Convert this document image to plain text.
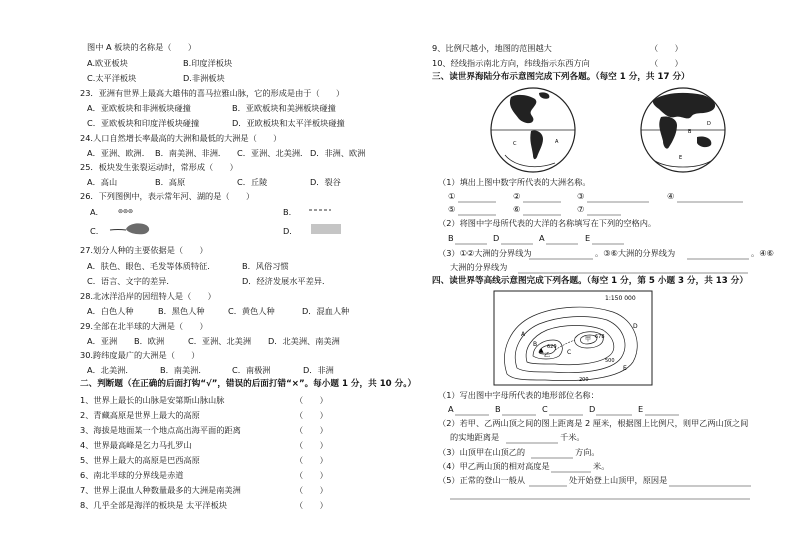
图中 A 板块的名称是（　　）
A.欧亚板块	B.印度洋板块
C.太平洋板块	D.非洲板块
23．亚洲有世界上最高大雄伟的喜马拉雅山脉，它的形成是由于（　　）
A．亚欧板块和非洲板块碰撞	B．亚欧板块和美洲板块碰撞
C．亚欧板块和印度洋板块碰撞	D．亚欧板块和太平洋板块碰撞
24.人口自然增长率最高的大洲和最低的大洲是（　　）
A．亚洲、欧洲． B．南美洲、非洲． C．亚洲、北美洲． D．非洲、欧洲
25．板块发生张裂运动时，常形成（　　）
A．高山	B．高原	C．丘陵	D．裂谷
26．下列图例中，表示常年河、湖的是（　　）
A.	⊚⊚⊚	B.
C.	D.
27.划分人种的主要依据是（　　）
A．肤色、眼色、毛发等体质特征．	B．风俗习惯
C．语言、文字的差异．	D．经济发展水平差异．
28.北冰洋沿岸的因纽特人是（　　）
A．白色人种	B．黑色人种	C．黄色人种	D．混血人种
29.全部在北半球的大洲是（　　）
A．亚洲 B．欧洲	C．亚洲、北美洲 D．北美洲、南美洲
30.跨纬度最广的大洲是（　　）
A．北美洲．	B．南美洲．	C．南极洲	D．非洲
二、判断题（在正确的后面打钩“√”，错误的后面打错“×”。每小题 1 分，共 10 分。）
1、世界上最长的山脉是安第斯山脉山脉	（　　）
2、青藏高原是世界上最大的高原	（　　）
3、海拔是地面某一个地点高出海平面的距离	（　　）
4、世界最高峰是乞力马扎罗山	（　　）
5、世界上最大的高原是巴西高原	（　　）
6、南北半球的分界线是赤道	（　　）
7、世界上混血人种数量最多的大洲是南美洲	（　　）
8、几乎全部是海洋的板块是 太平洋板块	（　　）
9、比例尺越小，地图的范围越大	（　　）
10、经线指示南北方向，纬线指示东西方向	（　　）
三、读世界海陆分布示意图完成下列各题。（每空 1 分，共 17 分）
C	A
B
D
E
（1）填出上图中数字所代表的大洲名称。
①	②	③	④
⑤	⑥	⑦
（2）将图中字母所代表的大洋的名称填写在下列的空格内。
B	D	A	E
（3）①②大洲的分界线为	。③⑥大洲的分界线为	。④⑥
大洲的分界线为
四、读世界等高线示意图完成下列各题。（每空 1 分，第 5 小题 3 分，共 13 分）
1:150 000
▲
乙
620
甲 678
A
B
C
D
E
500
200
（1）写出图中字母所代表的地形部位名称：
A	B	C	D	E
（2）若甲、乙两山顶之间的图上距离是 2 厘米，根据图上比例尺，则甲乙两山顶之间
的实地距离是	千米。
（3）山顶甲在山顶乙的	方向。
（4）甲乙两山顶的相对高度是	米。
（5）正常的登山一般从	处开始登上山顶甲，原因是
